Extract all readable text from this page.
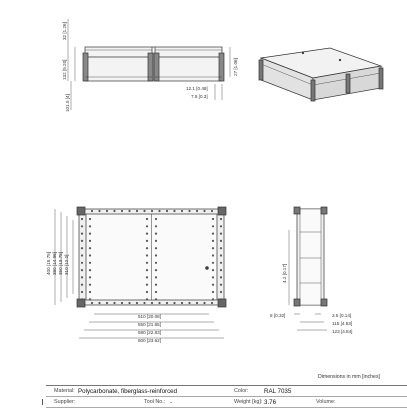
32 [1.26]
132 [5.20]
101.5 [4]
27 [1.06]
12.1 [0.48]
7.5 [0.3]
400 [15.75] 380 [14.96] 350 [13.78] 310 [12.2]
510 [20.08]
550 [21.65]
580 [22.83]
600 [23.62]
4.2 [0.17]
8 [0.32]	3.5 [0.14]
115 [4.53]
123 [4.84]
Dimensions in mm [inches]
Material: Polycarbonate, fiberglass-reinforced	Color:	RAL 7035
Supplier:	Tool No.: -	Weight [kg]: 3.76	Volume:
